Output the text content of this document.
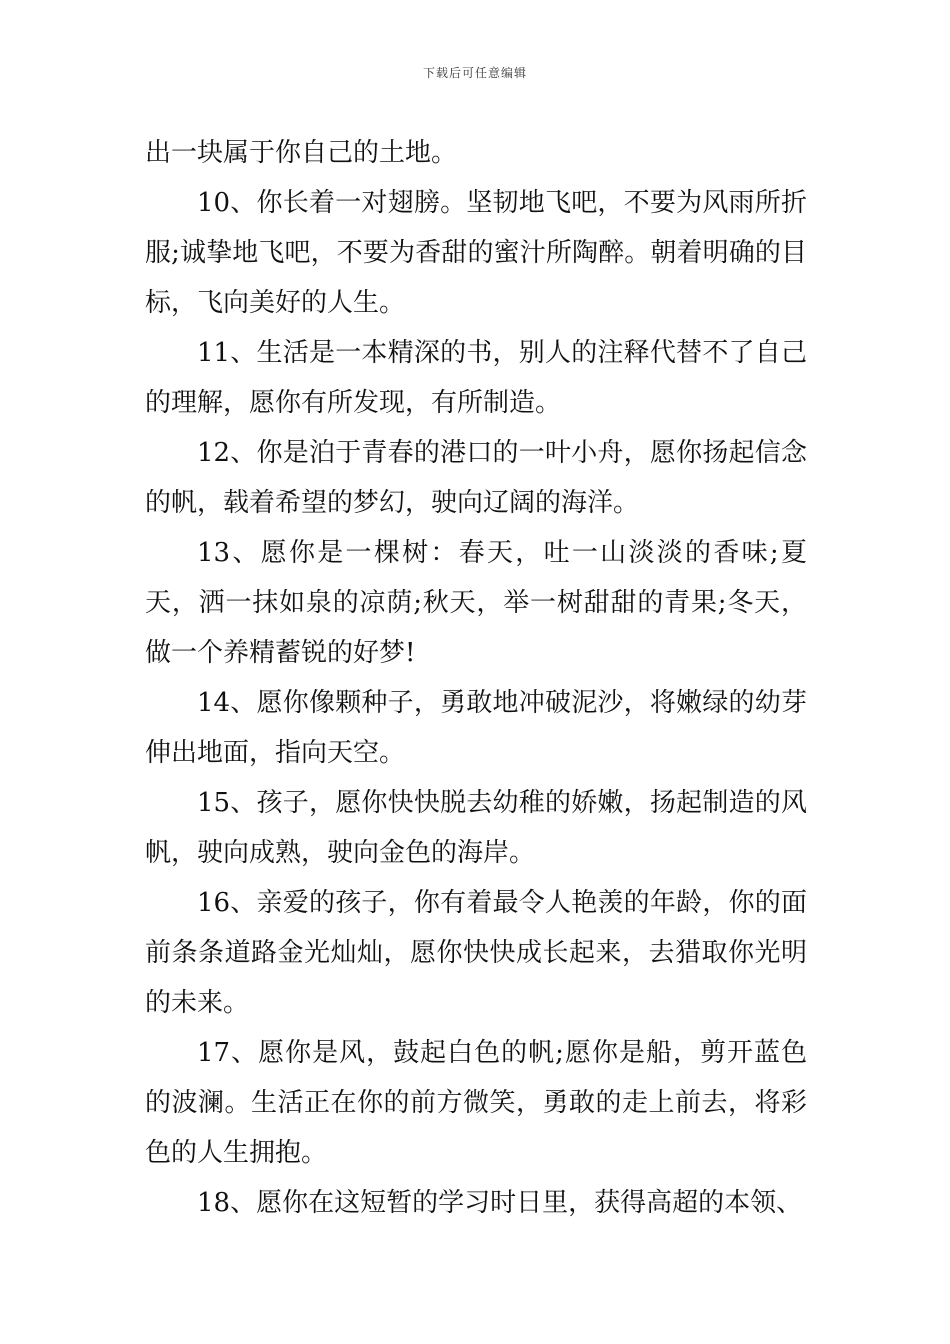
下载后可任意编辑

出一块属于你自己的土地。

10、你长着一对翅膀。坚韧地飞吧，不要为风雨所折服;诚挚地飞吧，不要为香甜的蜜汁所陶醉。朝着明确的目标，飞向美好的人生。

11、生活是一本精深的书，别人的注释代替不了自己的理解，愿你有所发现，有所制造。

12、你是泊于青春的港口的一叶小舟，愿你扬起信念的帆，载着希望的梦幻，驶向辽阔的海洋。

13、愿你是一棵树：春天，吐一山淡淡的香味;夏天，洒一抹如泉的凉荫;秋天，举一树甜甜的青果;冬天，做一个养精蓄锐的好梦!

14、愿你像颗种子，勇敢地冲破泥沙，将嫩绿的幼芽伸出地面，指向天空。

15、孩子，愿你快快脱去幼稚的娇嫩，扬起制造的风帆，驶向成熟，驶向金色的海岸。

16、亲爱的孩子，你有着最令人艳羡的年龄，你的面前条条道路金光灿灿，愿你快快成长起来，去猎取你光明的未来。

17、愿你是风，鼓起白色的帆;愿你是船，剪开蓝色的波澜。生活正在你的前方微笑，勇敢的走上前去，将彩色的人生拥抱。

18、愿你在这短暂的学习时日里，获得高超的本领、
